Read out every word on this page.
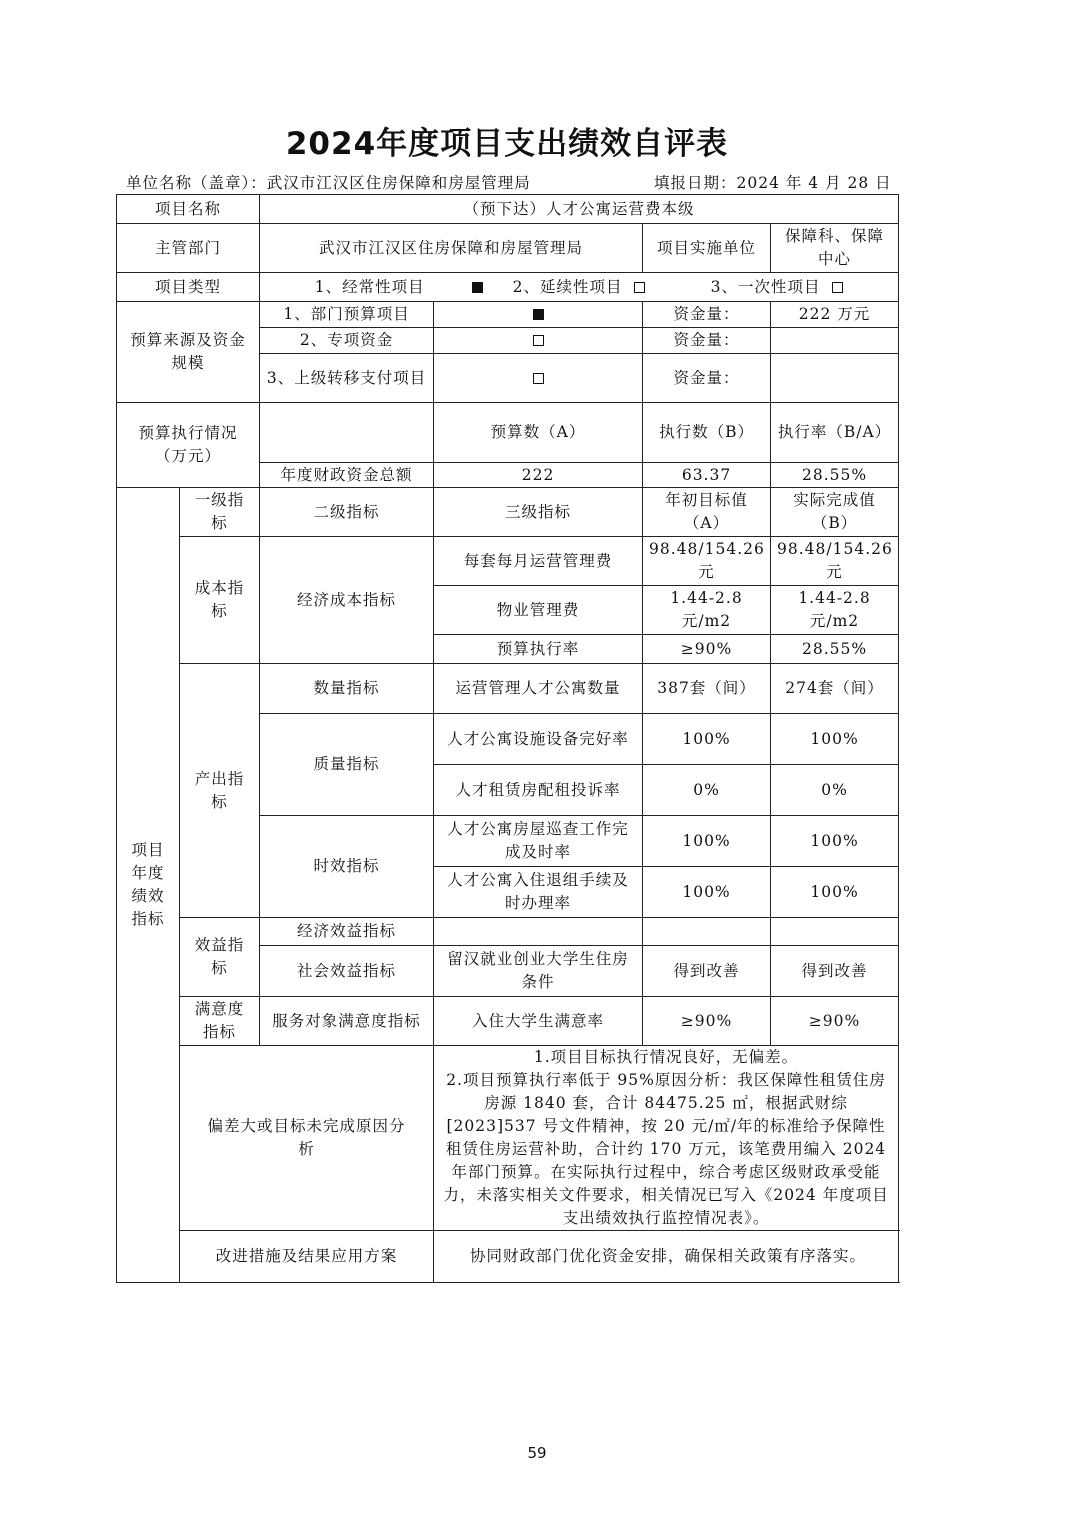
2024年度项目支出绩效自评表
单位名称（盖章）：武汉市江汉区住房保障和房屋管理局	填报日期：2024 年 4 月 28 日
项目名称		（预下达）人才公寓运营费本级			
主管部门		武汉市江汉区住房保障和房屋管理局		项目实施单位	保障科、保障中心
项目类型		1、经常性项目 2、延续性项目 3、一次性项目			
预算来源及资金规模		1、部门预算项目		资金量：	222 万元
		2、专项资金		资金量：	
		3、上级转移支付项目		资金量：	
预算执行情况（万元）			预算数（A）	执行数（B）	执行率（B/A）
		年度财政资金总额	222	63.37	28.55%
项目年度绩效指标	一级指标	二级指标	三级指标	年初目标值（A）	实际完成值（B）
	成本指标	经济成本指标	每套每月运营管理费	98.48/154.26元	98.48/154.26元
			物业管理费	1.44-2.8元/m2	1.44-2.8元/m2
			预算执行率	≥90%	28.55%
	产出指标	数量指标	运营管理人才公寓数量	387套（间）	274套（间）
		质量指标	人才公寓设施设备完好率	100%	100%
			人才租赁房配租投诉率	0%	0%
		时效指标	人才公寓房屋巡查工作完成及时率	100%	100%
			人才公寓入住退组手续及时办理率	100%	100%
	效益指标	经济效益指标			
		社会效益指标	留汉就业创业大学生住房条件	得到改善	得到改善
	满意度指标	服务对象满意度指标	入住大学生满意率	≥90%	≥90%
	偏差大或目标未完成原因分析		1.项目目标执行情况良好，无偏差。
2.项目预算执行率低于 95%原因分析：我区保障性租赁住房房源 1840 套，合计 84475.25 ㎡，根据武财综[2023]537 号文件精神，按 20 元/㎡/年的标准给予保障性租赁住房运营补助，合计约 170 万元，该笔费用编入 2024 年部门预算。在实际执行过程中，综合考虑区级财政承受能力，未落实相关文件要求，相关情况已写入《2024 年度项目支出绩效执行监控情况表》。		

	改进措施及结果应用方案		协同财政部门优化资金安排，确保相关政策有序落实。		
59
